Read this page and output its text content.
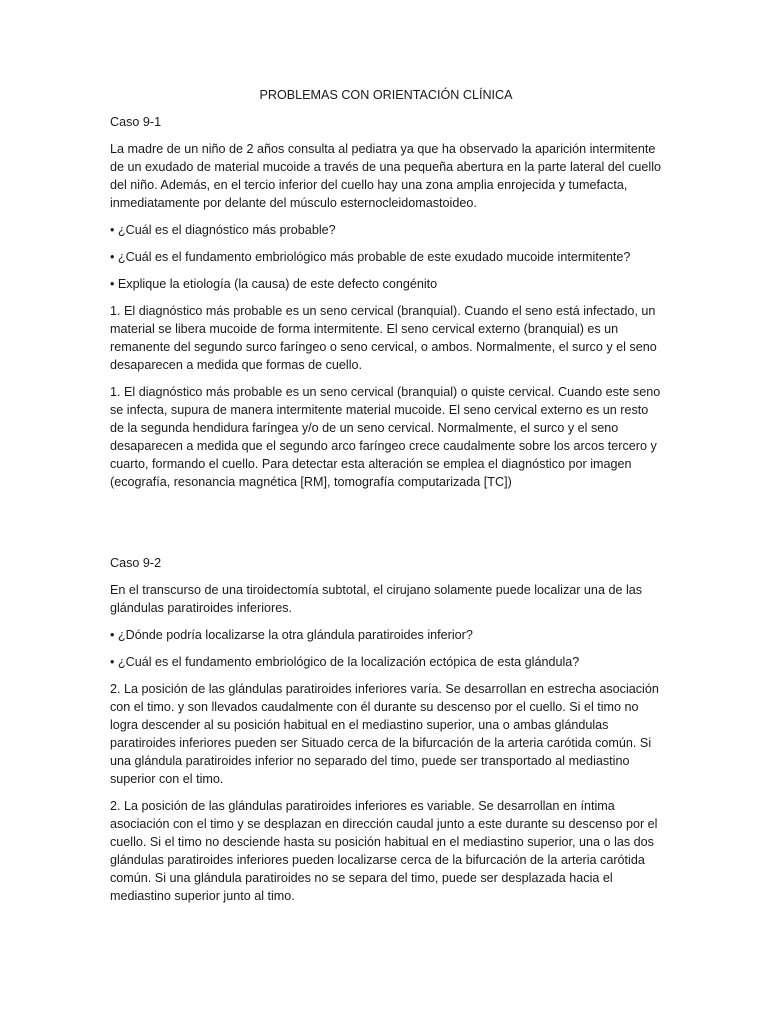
PROBLEMAS CON ORIENTACIÓN CLÍNICA

Caso 9-1

La madre de un niño de 2 años consulta al pediatra ya que ha observado la aparición intermitente de un exudado de material mucoide a través de una pequeña abertura en la parte lateral del cuello del niño. Además, en el tercio inferior del cuello hay una zona amplia enrojecida y tumefacta, inmediatamente por delante del músculo esternocleidomastoideo.

• ¿Cuál es el diagnóstico más probable?

• ¿Cuál es el fundamento embriológico más probable de este exudado mucoide intermitente?

• Explique la etiología (la causa) de este defecto congénito

1. El diagnóstico más probable es un seno cervical (branquial). Cuando el seno está infectado, un material se libera mucoide de forma intermitente. El seno cervical externo (branquial) es un remanente del segundo surco faríngeo o seno cervical, o ambos. Normalmente, el surco y el seno desaparecen a medida que formas de cuello.

1. El diagnóstico más probable es un seno cervical (branquial) o quiste cervical. Cuando este seno se infecta, supura de manera intermitente material mucoide. El seno cervical externo es un resto de la segunda hendidura faríngea y/o de un seno cervical. Normalmente, el surco y el seno desaparecen a medida que el segundo arco faríngeo crece caudalmente sobre los arcos tercero y cuarto, formando el cuello. Para detectar esta alteración se emplea el diagnóstico por imagen (ecografía, resonancia magnética [RM], tomografía computarizada [TC])

Caso 9-2

En el transcurso de una tiroidectomía subtotal, el cirujano solamente puede localizar una de las glándulas paratiroides inferiores.

• ¿Dónde podría localizarse la otra glándula paratiroides inferior?

• ¿Cuál es el fundamento embriológico de la localización ectópica de esta glándula?

2. La posición de las glándulas paratiroides inferiores varía. Se desarrollan en estrecha asociación con el timo. y son llevados caudalmente con él durante su descenso por el cuello. Si el timo no logra descender al su posición habitual en el mediastino superior, una o ambas glándulas paratiroides inferiores pueden ser Situado cerca de la bifurcación de la arteria carótida común. Si una glándula paratiroides inferior no separado del timo, puede ser transportado al mediastino superior con el timo.

2. La posición de las glándulas paratiroides inferiores es variable. Se desarrollan en íntima asociación con el timo y se desplazan en dirección caudal junto a este durante su descenso por el cuello. Si el timo no desciende hasta su posición habitual en el mediastino superior, una o las dos glándulas paratiroides inferiores pueden localizarse cerca de la bifurcación de la arteria carótida común. Si una glándula paratiroides no se separa del timo, puede ser desplazada hacia el mediastino superior junto al timo.
